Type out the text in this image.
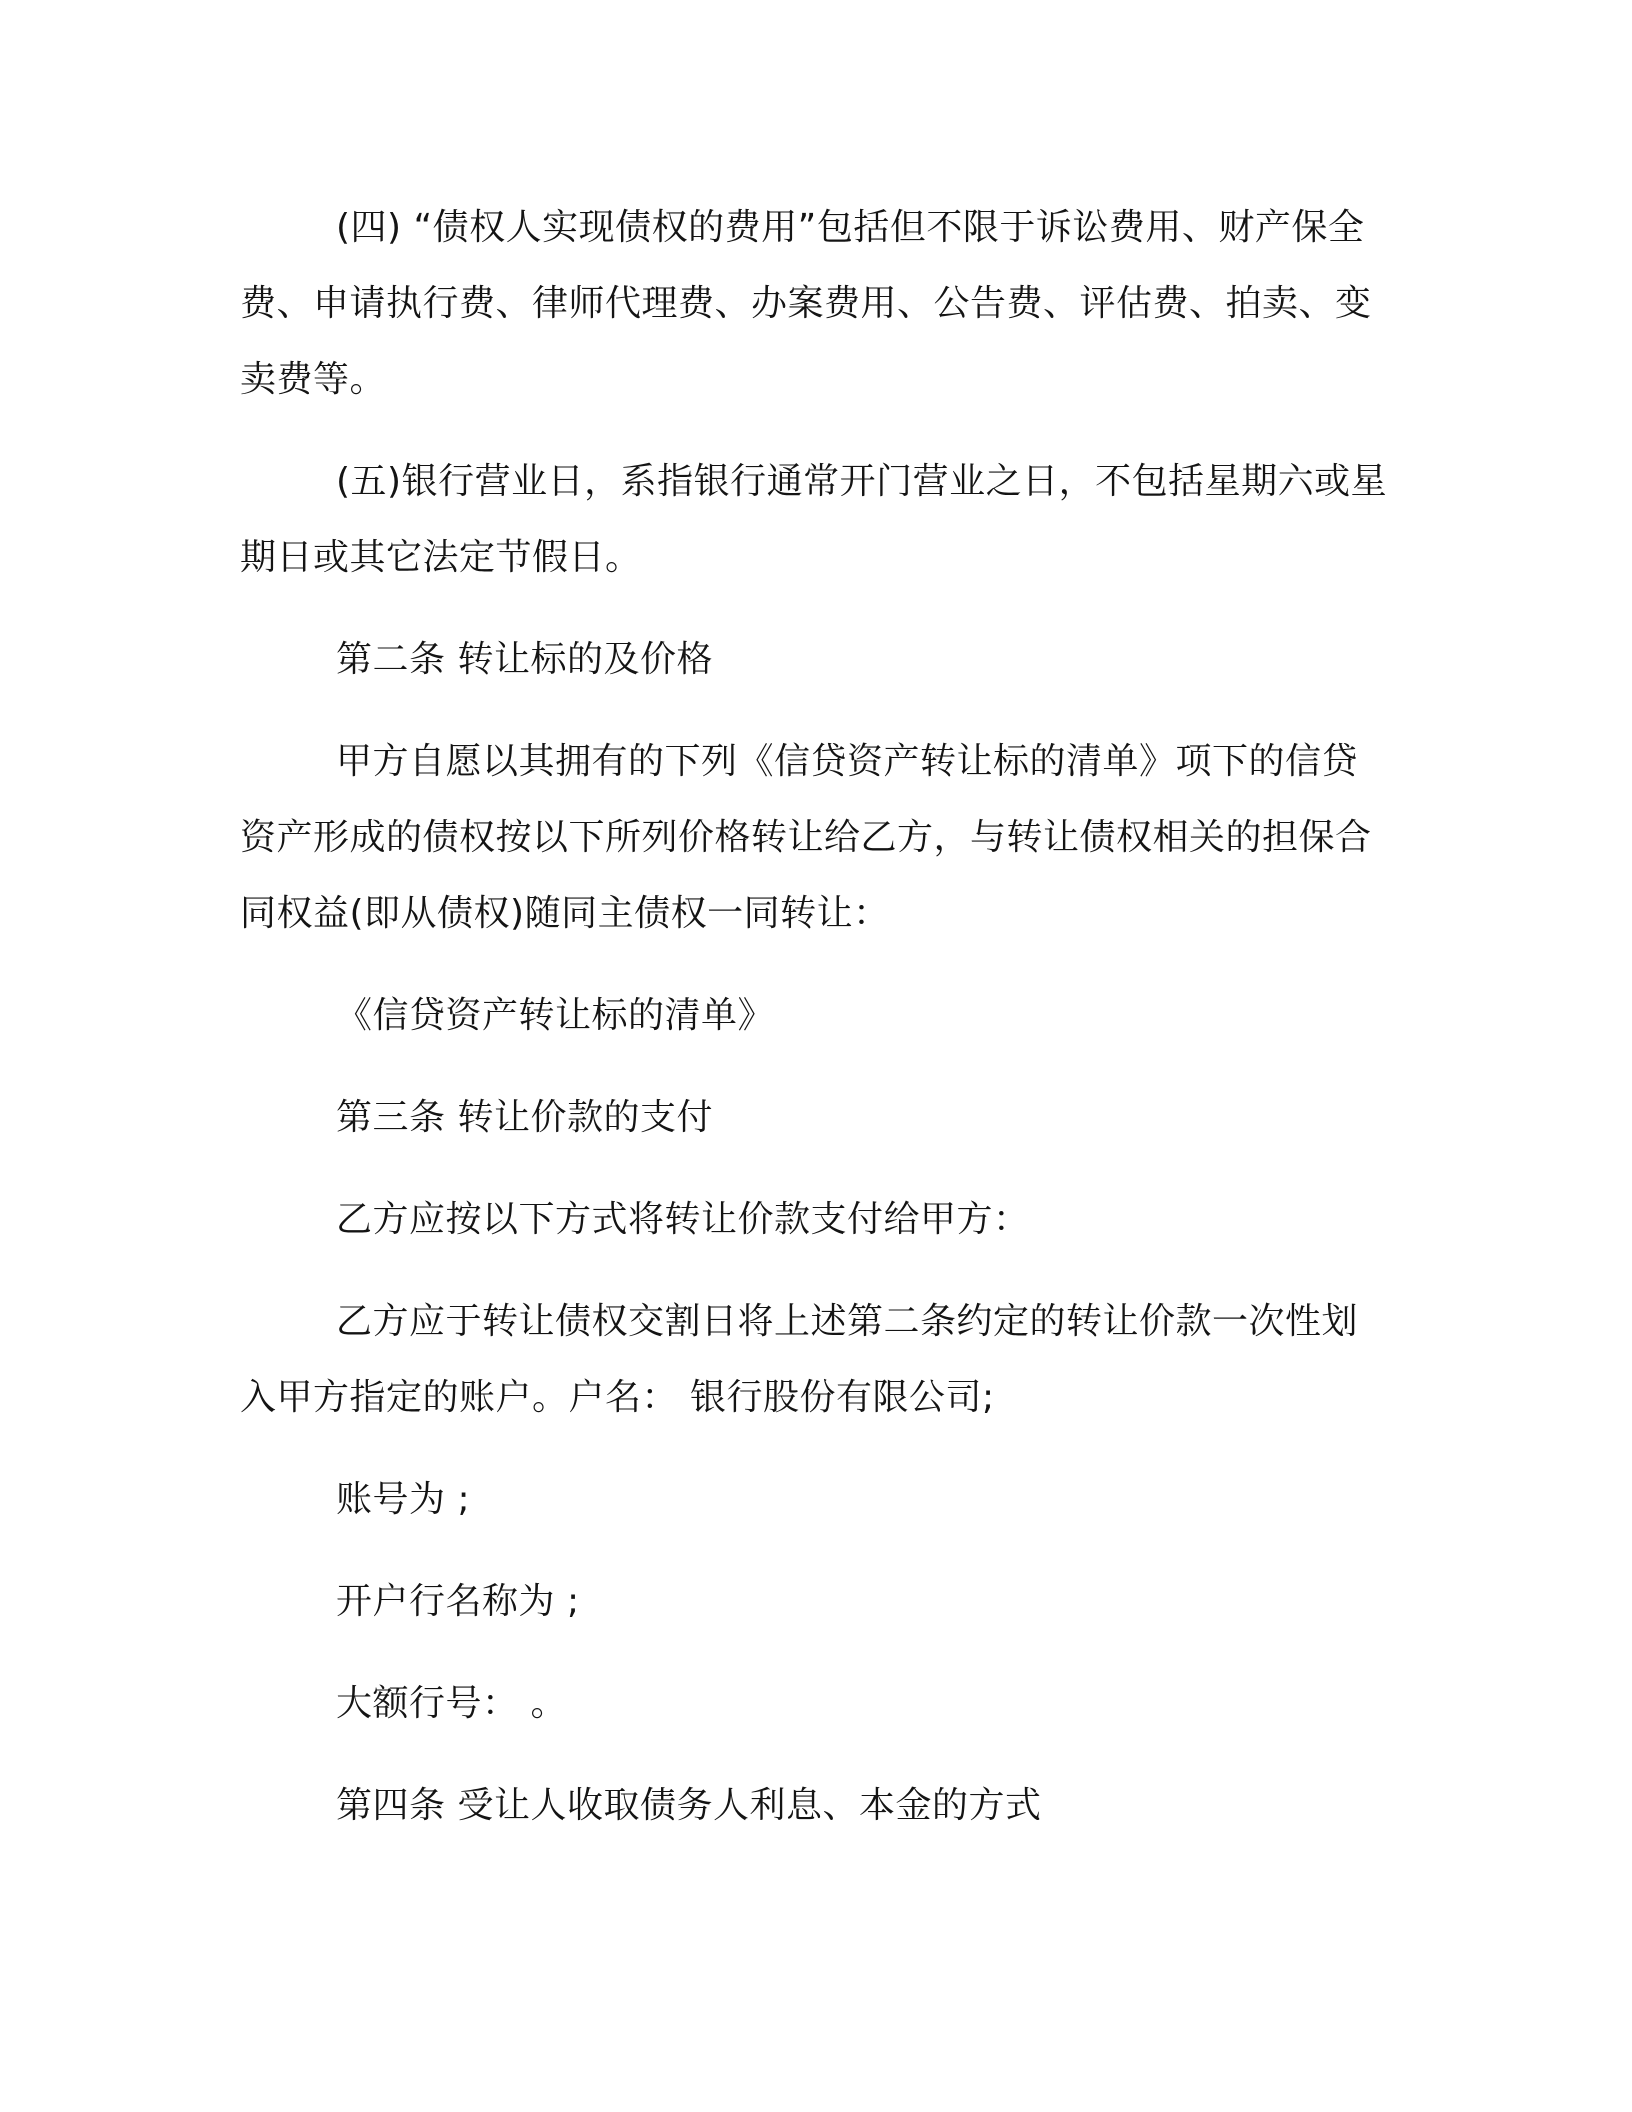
(四) “债权人实现债权的费用”包括但不限于诉讼费用、财产保全费、申请执行费、律师代理费、办案费用、公告费、评估费、拍卖、变卖费等。

(五)银行营业日，系指银行通常开门营业之日，不包括星期六或星期日或其它法定节假日。

第二条 转让标的及价格

甲方自愿以其拥有的下列《信贷资产转让标的清单》项下的信贷资产形成的债权按以下所列价格转让给乙方，与转让债权相关的担保合同权益(即从债权)随同主债权一同转让：

《信贷资产转让标的清单》

第三条 转让价款的支付

乙方应按以下方式将转让价款支付给甲方：

乙方应于转让债权交割日将上述第二条约定的转让价款一次性划入甲方指定的账户。户名： 银行股份有限公司;

账号为 ;

开户行名称为 ;

大额行号： 。

第四条 受让人收取债务人利息、本金的方式
